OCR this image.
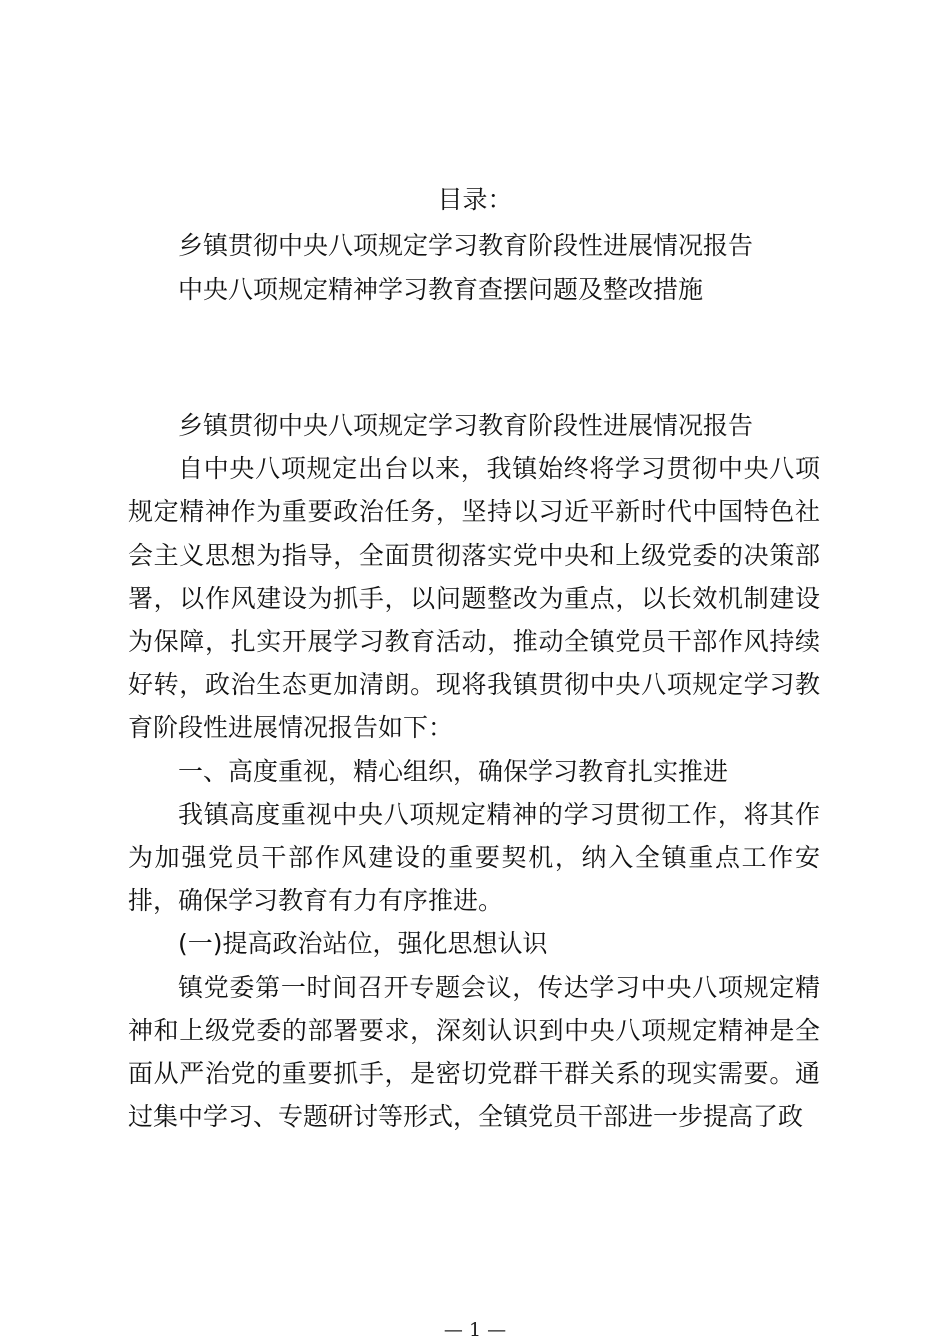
目录：
乡镇贯彻中央八项规定学习教育阶段性进展情况报告
中央八项规定精神学习教育查摆问题及整改措施

乡镇贯彻中央八项规定学习教育阶段性进展情况报告

自中央八项规定出台以来，我镇始终将学习贯彻中央八项规定精神作为重要政治任务，坚持以习近平新时代中国特色社会主义思想为指导，全面贯彻落实党中央和上级党委的决策部署，以作风建设为抓手，以问题整改为重点，以长效机制建设为保障，扎实开展学习教育活动，推动全镇党员干部作风持续好转，政治生态更加清朗。现将我镇贯彻中央八项规定学习教育阶段性进展情况报告如下：

一、高度重视，精心组织，确保学习教育扎实推进

我镇高度重视中央八项规定精神的学习贯彻工作，将其作为加强党员干部作风建设的重要契机，纳入全镇重点工作安排，确保学习教育有力有序推进。

(一)提高政治站位，强化思想认识

镇党委第一时间召开专题会议，传达学习中央八项规定精神和上级党委的部署要求，深刻认识到中央八项规定精神是全面从严治党的重要抓手，是密切党群干群关系的现实需要。通过集中学习、专题研讨等形式，全镇党员干部进一步提高了政

— 1 —
